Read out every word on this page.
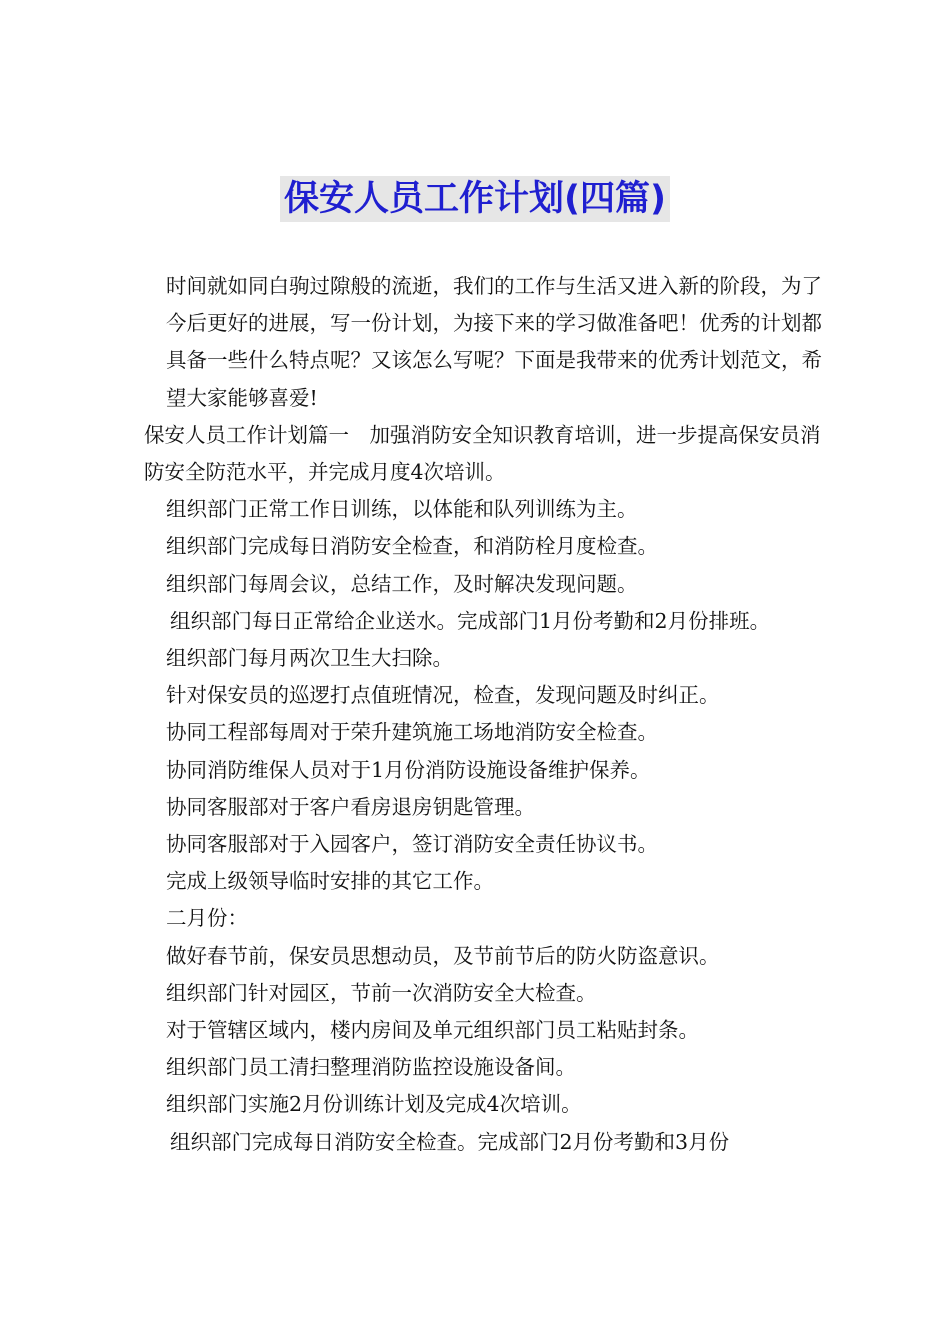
保安人员工作计划(四篇)

时间就如同白驹过隙般的流逝，我们的工作与生活又进入新的阶段，为了今后更好的进展，写一份计划，为接下来的学习做准备吧！优秀的计划都具备一些什么特点呢？又该怎么写呢？下面是我带来的优秀计划范文，希望大家能够喜爱!

保安人员工作计划篇一　加强消防安全知识教育培训，进一步提高保安员消防安全防范水平，并完成月度4次培训。

组织部门正常工作日训练，以体能和队列训练为主。

组织部门完成每日消防安全检查，和消防栓月度检查。

组织部门每周会议，总结工作，及时解决发现问题。

组织部门每日正常给企业送水。完成部门1月份考勤和2月份排班。

组织部门每月两次卫生大扫除。

针对保安员的巡逻打点值班情况，检查，发现问题及时纠正。

协同工程部每周对于荣升建筑施工场地消防安全检查。

协同消防维保人员对于1月份消防设施设备维护保养。

协同客服部对于客户看房退房钥匙管理。

协同客服部对于入园客户，签订消防安全责任协议书。

完成上级领导临时安排的其它工作。

二月份：

做好春节前，保安员思想动员，及节前节后的防火防盗意识。

组织部门针对园区，节前一次消防安全大检查。

对于管辖区域内，楼内房间及单元组织部门员工粘贴封条。

组织部门员工清扫整理消防监控设施设备间。

组织部门实施2月份训练计划及完成4次培训。

组织部门完成每日消防安全检查。完成部门2月份考勤和3月份
